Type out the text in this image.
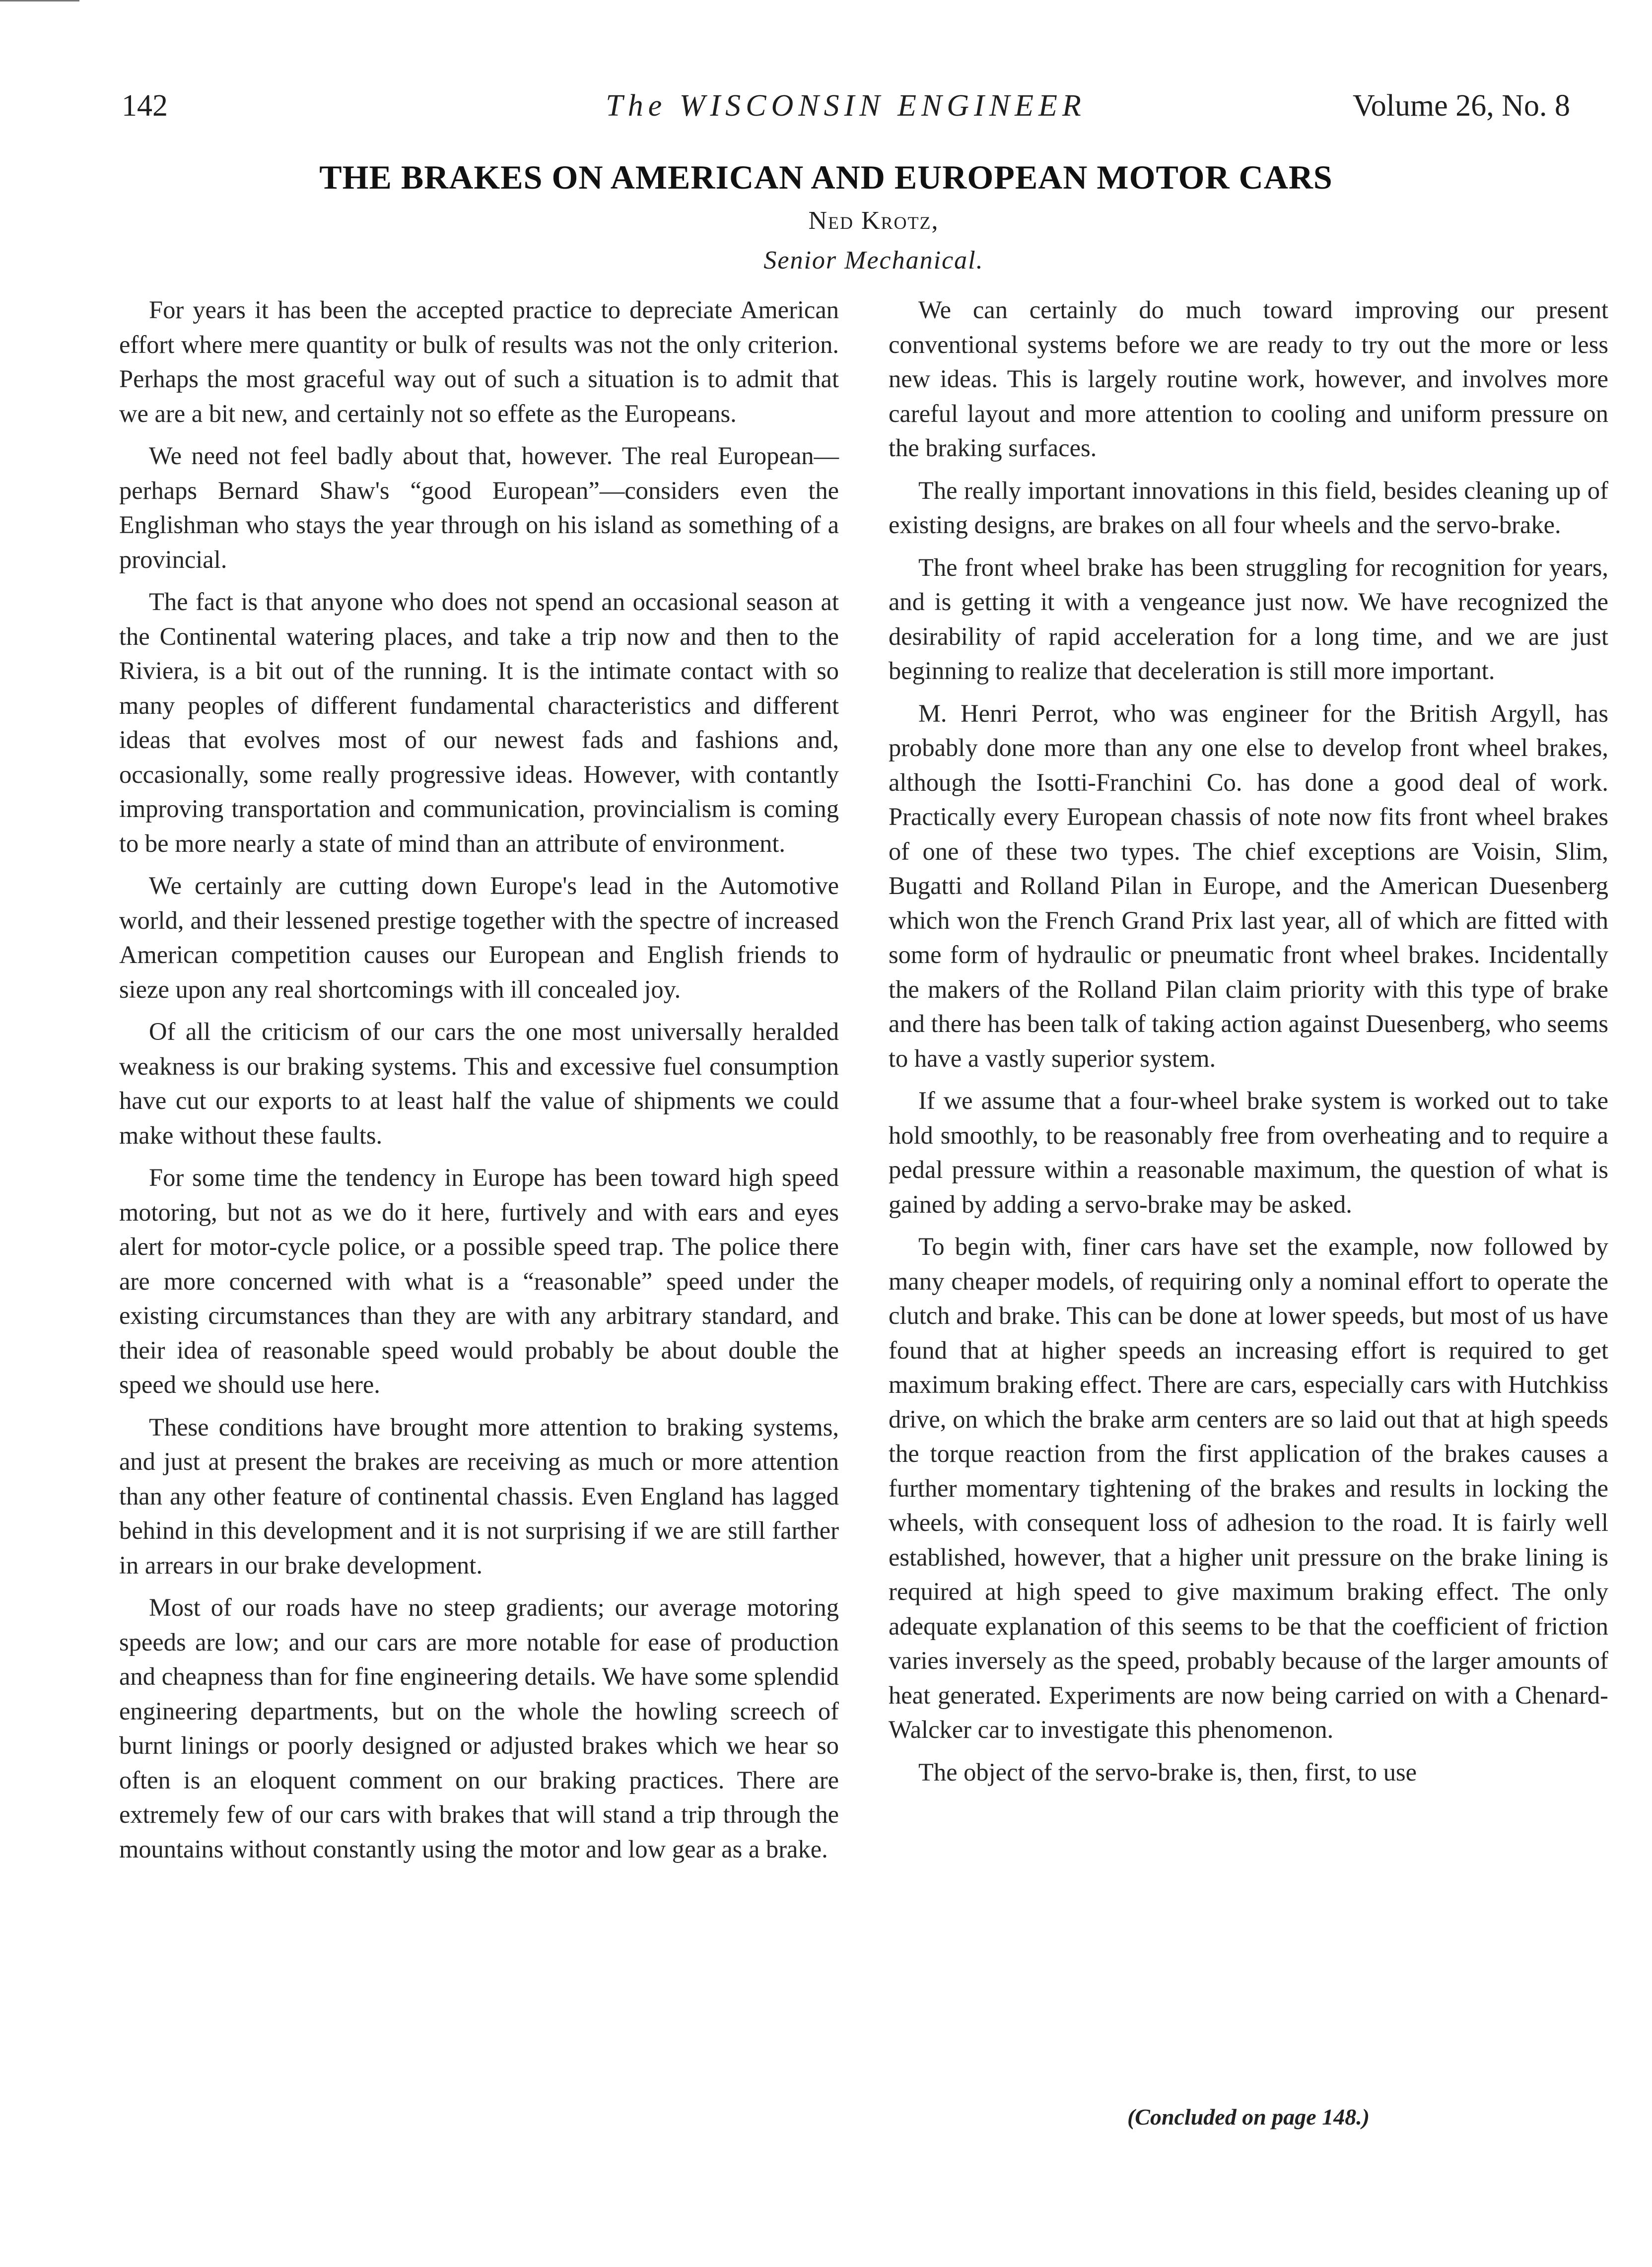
142	The WISCONSIN ENGINEER	Volume 26, No. 8
THE BRAKES ON AMERICAN AND EUROPEAN MOTOR CARS
Ned Krotz,
Senior Mechanical.

For years it has been the accepted practice to depreciate American effort where mere quantity or bulk of results was not the only criterion. Perhaps the most graceful way out of such a situation is to admit that we are a bit new, and certainly not so effete as the Europeans.

We need not feel badly about that, however. The real European—perhaps Bernard Shaw's “good European”—considers even the Englishman who stays the year through on his island as something of a provincial.

The fact is that anyone who does not spend an occasional season at the Continental watering places, and take a trip now and then to the Riviera, is a bit out of the running. It is the intimate contact with so many peoples of different fundamental characteristics and different ideas that evolves most of our newest fads and fashions and, occasionally, some really progressive ideas. However, with contantly improving transportation and communication, provincialism is coming to be more nearly a state of mind than an attribute of environment.

We certainly are cutting down Europe's lead in the Automotive world, and their lessened prestige together with the spectre of increased American competition causes our European and English friends to sieze upon any real shortcomings with ill concealed joy.

Of all the criticism of our cars the one most universally heralded weakness is our braking systems. This and excessive fuel consumption have cut our exports to at least half the value of shipments we could make without these faults.

For some time the tendency in Europe has been toward high speed motoring, but not as we do it here, furtively and with ears and eyes alert for motor-cycle police, or a possible speed trap. The police there are more concerned with what is a “reasonable” speed under the existing circumstances than they are with any arbitrary standard, and their idea of reasonable speed would probably be about double the speed we should use here.

These conditions have brought more attention to braking systems, and just at present the brakes are receiving as much or more attention than any other feature of continental chassis. Even England has lagged behind in this development and it is not surprising if we are still farther in arrears in our brake development.

Most of our roads have no steep gradients; our average motoring speeds are low; and our cars are more notable for ease of production and cheapness than for fine engineering details. We have some splendid engineering departments, but on the whole the howling screech of burnt linings or poorly designed or adjusted brakes which we hear so often is an eloquent comment on our braking practices. There are extremely few of our cars with brakes that will stand a trip through the mountains without constantly using the motor and low gear as a brake.

We can certainly do much toward improving our present conventional systems before we are ready to try out the more or less new ideas. This is largely routine work, however, and involves more careful layout and more attention to cooling and uniform pressure on the braking surfaces.

The really important innovations in this field, besides cleaning up of existing designs, are brakes on all four wheels and the servo-brake.

The front wheel brake has been struggling for recognition for years, and is getting it with a vengeance just now. We have recognized the desirability of rapid acceleration for a long time, and we are just beginning to realize that deceleration is still more important.

M. Henri Perrot, who was engineer for the British Argyll, has probably done more than any one else to develop front wheel brakes, although the Isotti-Franchini Co. has done a good deal of work. Practically every European chassis of note now fits front wheel brakes of one of these two types. The chief exceptions are Voisin, Slim, Bugatti and Rolland Pilan in Europe, and the American Duesenberg which won the French Grand Prix last year, all of which are fitted with some form of hydraulic or pneumatic front wheel brakes. Incidentally the makers of the Rolland Pilan claim priority with this type of brake and there has been talk of taking action against Duesenberg, who seems to have a vastly superior system.

If we assume that a four-wheel brake system is worked out to take hold smoothly, to be reasonably free from overheating and to require a pedal pressure within a reasonable maximum, the question of what is gained by adding a servo-brake may be asked.

To begin with, finer cars have set the example, now followed by many cheaper models, of requiring only a nominal effort to operate the clutch and brake. This can be done at lower speeds, but most of us have found that at higher speeds an increasing effort is required to get maximum braking effect. There are cars, especially cars with Hutchkiss drive, on which the brake arm centers are so laid out that at high speeds the torque reaction from the first application of the brakes causes a further momentary tightening of the brakes and results in locking the wheels, with consequent loss of adhesion to the road. It is fairly well established, however, that a higher unit pressure on the brake lining is required at high speed to give maximum braking effect. The only adequate explanation of this seems to be that the coefficient of friction varies inversely as the speed, probably because of the larger amounts of heat generated. Experiments are now being carried on with a Chenard-Walcker car to investigate this phenomenon.

The object of the servo-brake is, then, first, to use

(Concluded on page 148.)
